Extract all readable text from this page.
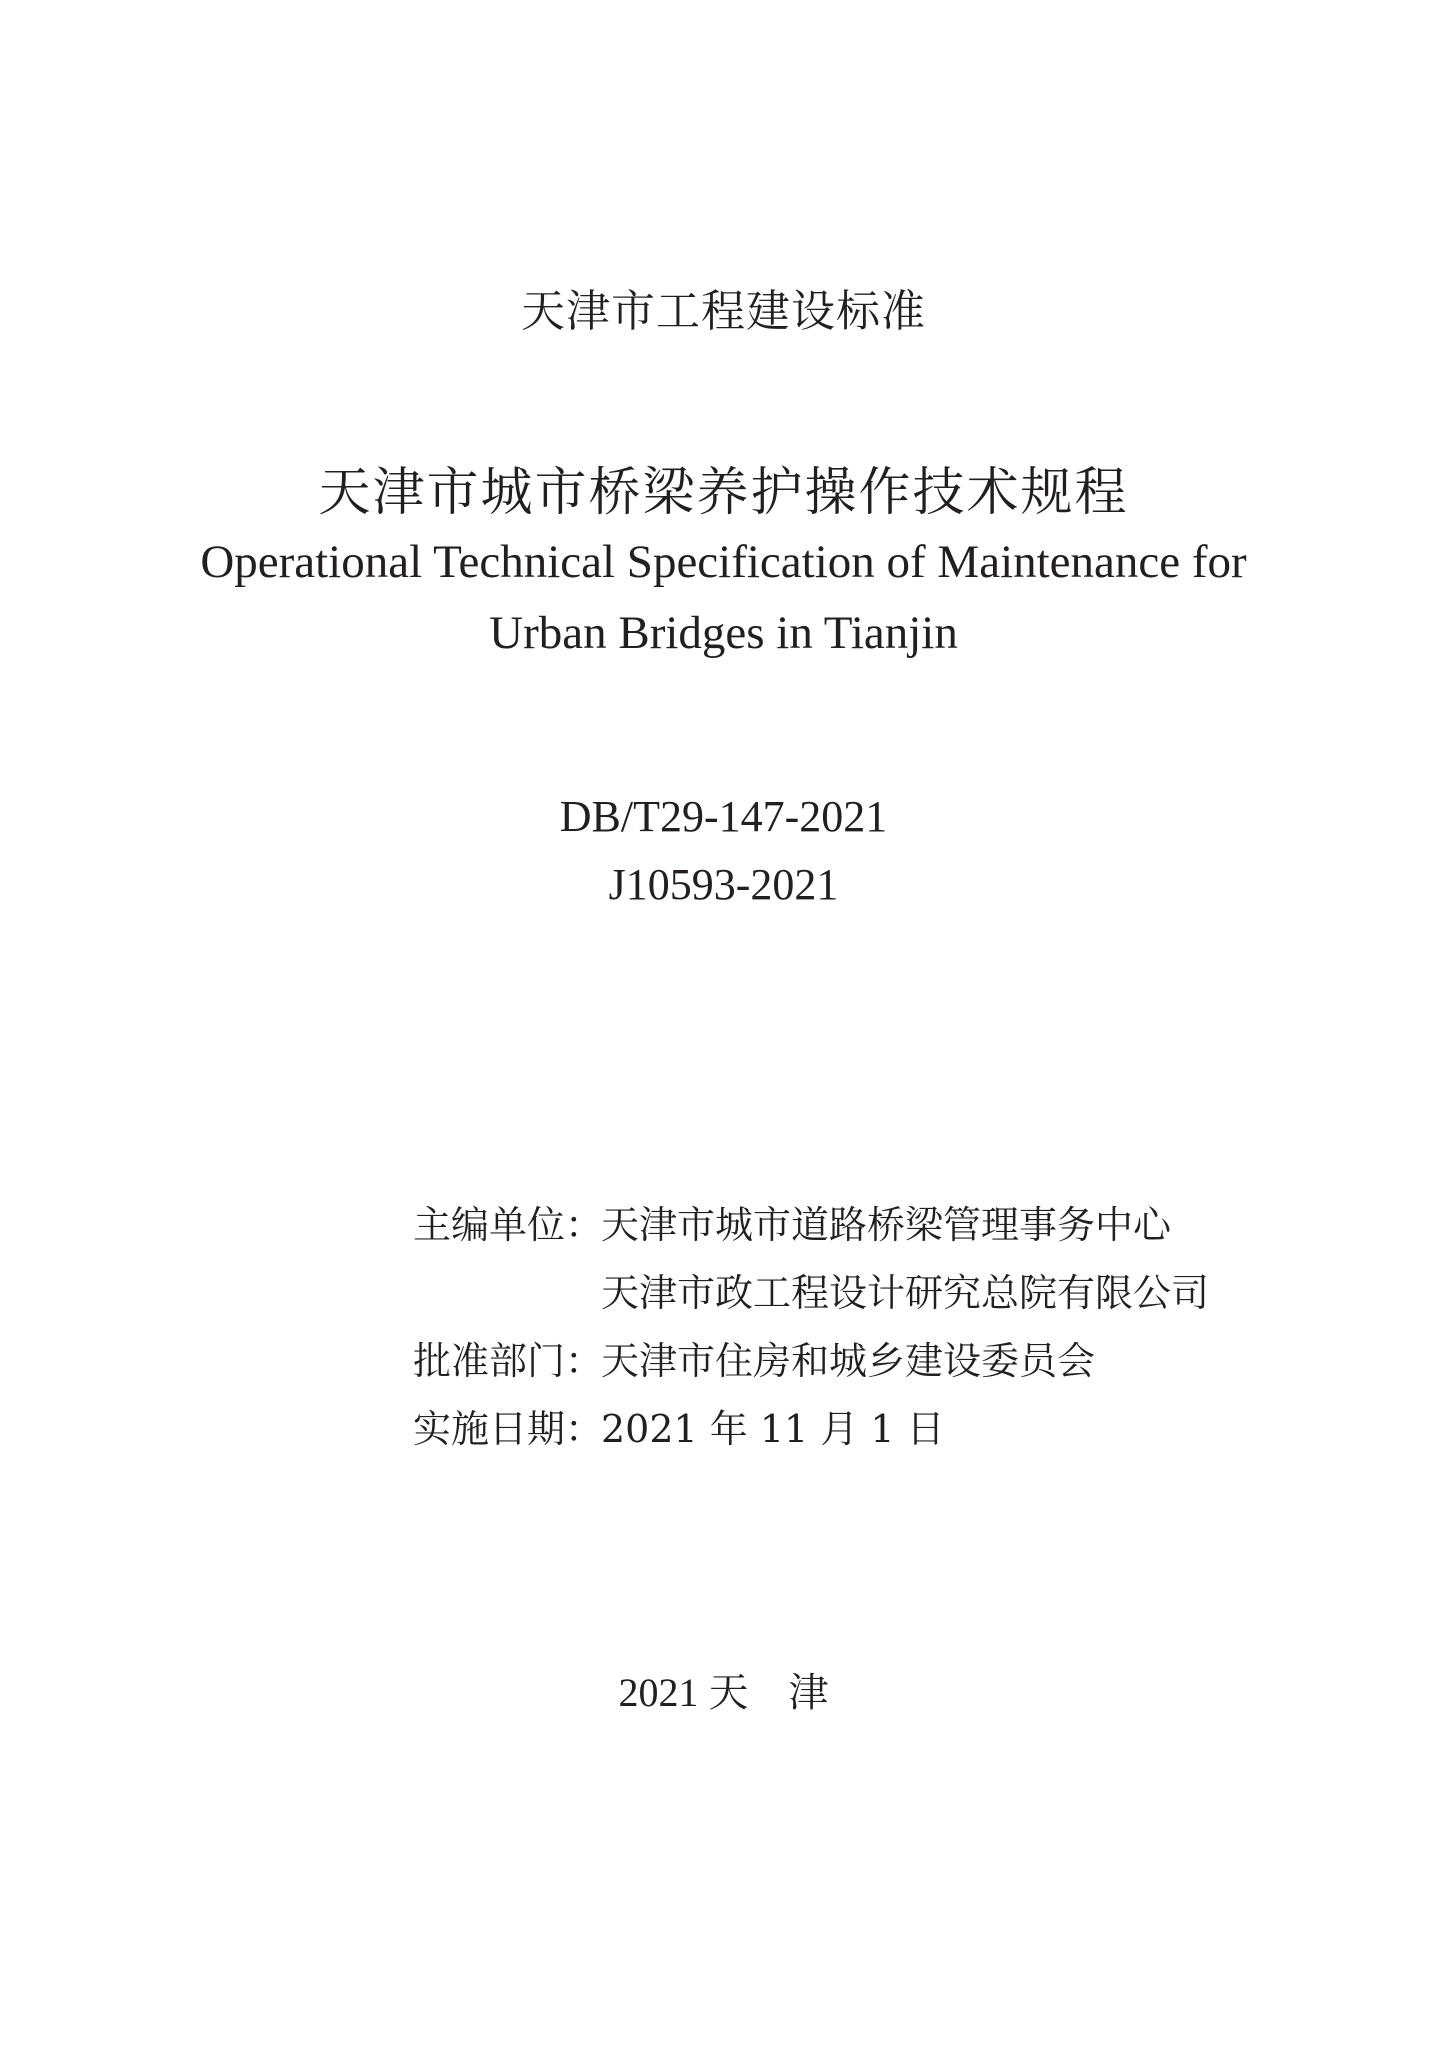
天津市工程建设标准
天津市城市桥梁养护操作技术规程
Operational Technical Specification of Maintenance for
Urban Bridges in Tianjin
DB/T29-147-2021
J10593-2021
主编单位：
天津市城市道路桥梁管理事务中心
天津市政工程设计研究总院有限公司
批准部门：
天津市住房和城乡建设委员会
实施日期：
2021 年 11 月 1 日
2021 天　津
